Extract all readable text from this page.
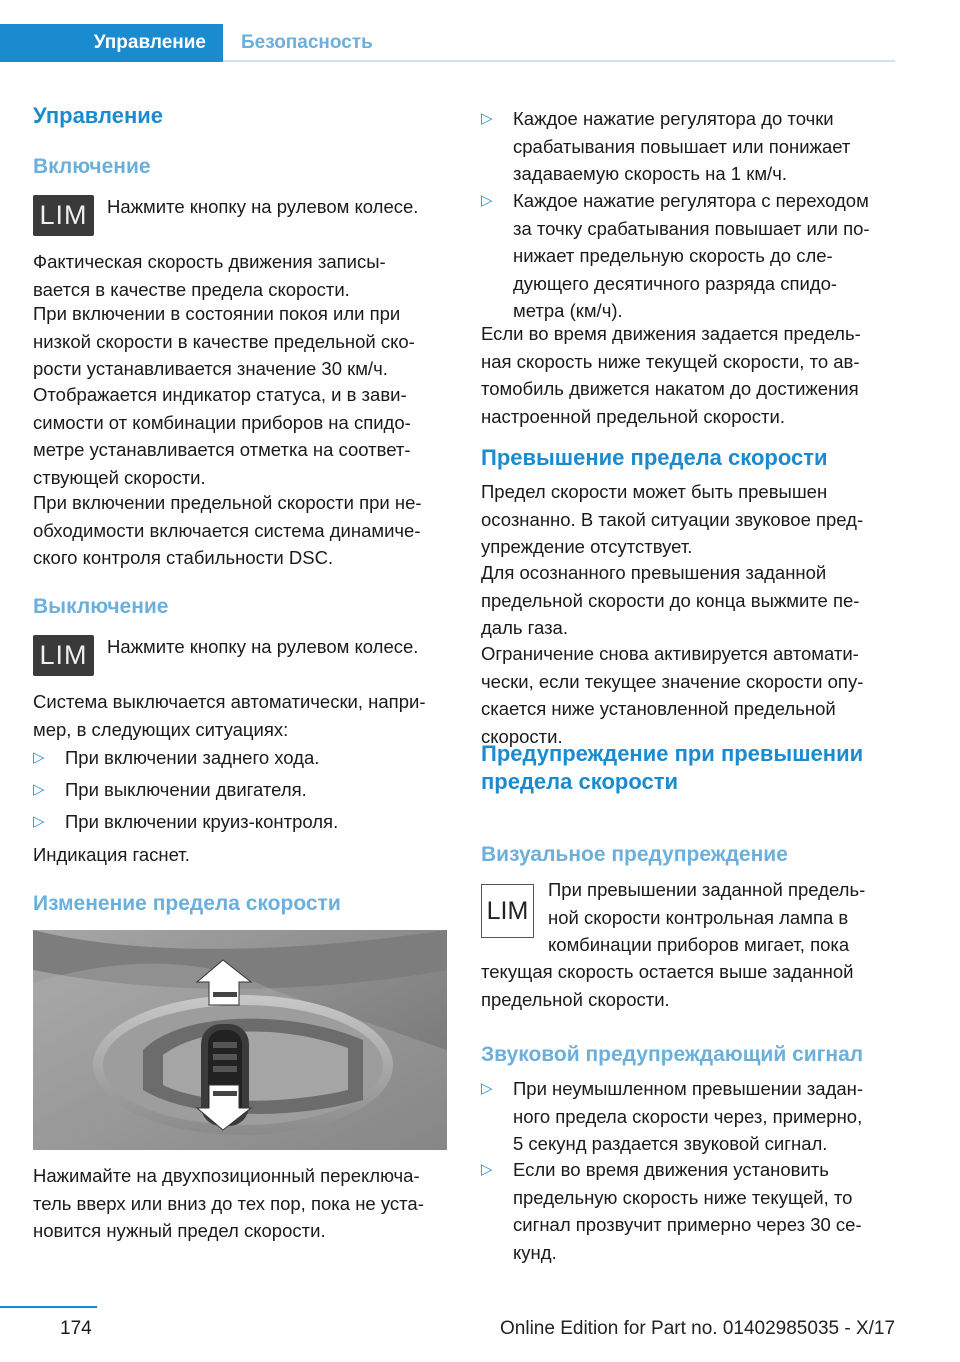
Управление	Безопасность
Управление
Включение
LIM Нажмите кнопку на рулевом колесе.
Фактическая скорость движения записы-
вается в качестве предела скорости.
При включении в состоянии покоя или при
низкой скорости в качестве предельной ско-
рости устанавливается значение 30 км/ч.
Отображается индикатор статуса, и в зави-
симости от комбинации приборов на спидо-
метре устанавливается отметка на соответ-
ствующей скорости.
При включении предельной скорости при не-
обходимости включается система динамиче-
ского контроля стабильности DSC.
Выключение
LIM Нажмите кнопку на рулевом колесе.
Система выключается автоматически, напри-
мер, в следующих ситуациях:
▷ При включении заднего хода.
▷ При выключении двигателя.
▷ При включении круиз-контроля.
Индикация гаснет.
Изменение предела скорости
Нажимайте на двухпозиционный переключа-
тель вверх или вниз до тех пор, пока не уста-
новится нужный предел скорости.
▷ Каждое нажатие регулятора до точки
срабатывания повышает или понижает
задаваемую скорость на 1 км/ч.
▷ Каждое нажатие регулятора с переходом
за точку срабатывания повышает или по-
нижает предельную скорость до сле-
дующего десятичного разряда спидо-
метра (км/ч).
Если во время движения задается предель-
ная скорость ниже текущей скорости, то ав-
томобиль движется накатом до достижения
настроенной предельной скорости.
Превышение предела скорости
Предел скорости может быть превышен
осознанно. В такой ситуации звуковое пред-
упреждение отсутствует.
Для осознанного превышения заданной
предельной скорости до конца выжмите пе-
даль газа.
Ограничение снова активируется автомати-
чески, если текущее значение скорости опу-
скается ниже установленной предельной
скорости.
Предупреждение при превышении
предела скорости
Визуальное предупреждение
LIM
При превышении заданной предель-
ной скорости контрольная лампа в
комбинации приборов мигает, пока
текущая скорость остается выше заданной
предельной скорости.
Звуковой предупреждающий сигнал
▷ При неумышленном превышении задан-
ного предела скорости через, примерно,
5 секунд раздается звуковой сигнал.
▷ Если во время движения установить
предельную скорость ниже текущей, то
сигнал прозвучит примерно через 30 се-
кунд.
174	Online Edition for Part no. 01402985035 - X/17
